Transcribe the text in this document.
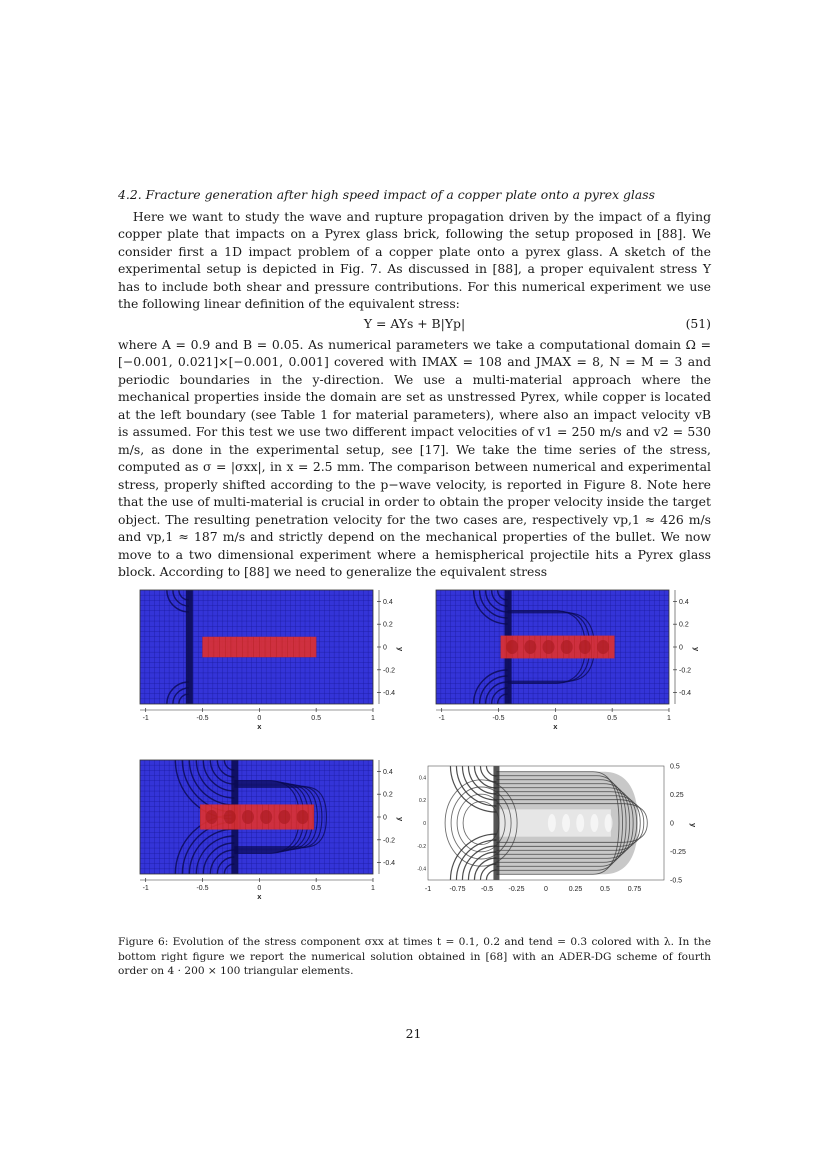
4.2. Fracture generation after high speed impact of a copper plate onto a pyrex glass

Here we want to study the wave and rupture propagation driven by the impact of a flying copper plate that impacts on a Pyrex glass brick, following the setup proposed in [88]. We consider first a 1D impact problem of a copper plate onto a pyrex glass. A sketch of the experimental setup is depicted in Fig. 7. As discussed in [88], a proper equivalent stress Y has to include both shear and pressure contributions. For this numerical experiment we use the following linear definition of the equivalent stress:

Y = AYs + B|Yp|	(51)

where A = 0.9 and B = 0.05. As numerical parameters we take a computational domain Ω = [−0.001, 0.021]×[−0.001, 0.001] covered with IMAX = 108 and JMAX = 8, N = M = 3 and periodic boundaries in the y-direction. We use a multi-material approach where the mechanical properties inside the domain are set as unstressed Pyrex, while copper is located at the left boundary (see Table 1 for material parameters), where also an impact velocity vB is assumed. For this test we use two different impact velocities of v1 = 250 m/s and v2 = 530 m/s, as done in the experimental setup, see [17]. We take the time series of the stress, computed as σ = |σxx|, in x = 2.5 mm. The comparison between numerical and experimental stress, properly shifted according to the p−wave velocity, is reported in Figure 8. Note here that the use of multi-material is crucial in order to obtain the proper velocity inside the target object. The resulting penetration velocity for the two cases are, respectively vp,1 ≈ 426 m/s and vp,1 ≈ 187 m/s and strictly depend on the mechanical properties of the bullet. We now move to a two dimensional experiment where a hemispherical projectile hits a Pyrex glass block. According to [88] we need to generalize the equivalent stress

-1	-0.5	0	0.5	1
x
0.4
0.2
0
-0.2
-0.4
y
-1	-0.5	0	0.5	1
x
0.4
0.2
0
-0.2
-0.4
y
-1	-0.5	0	0.5	1
x
0.4
0.2
0
-0.2
-0.4
y
-1	-0.75 -0.5 -0.25	0	0.25	0.5	0.75
0.4
0.2
0
-0.2
-0.4
0.5
0.25
0
-0.25
-0.5
y
Figure 6: Evolution of the stress component σxx at times t = 0.1, 0.2 and tend = 0.3 colored with λ. In the bottom right figure we report the numerical solution obtained in [68] with an ADER-DG scheme of fourth order on 4 · 200 × 100 triangular elements.
21
